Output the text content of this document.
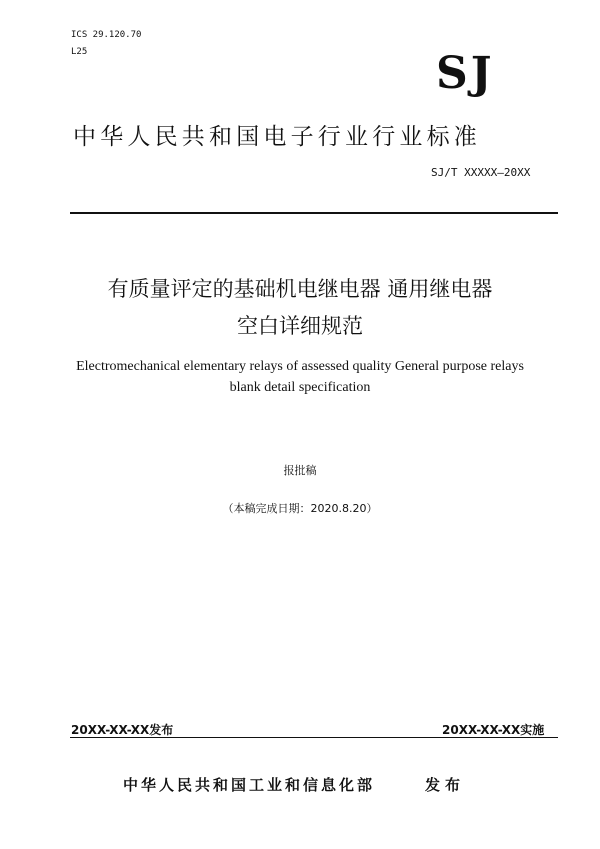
ICS 29.120.70
L25	SJ
中华人民共和国电子行业行业标准
SJ/T XXXXX—20XX
有质量评定的基础机电继电器 通用继电器
空白详细规范
Electromechanical elementary relays of assessed quality General purpose relays
blank detail specification
报批稿
（本稿完成日期：2020.8.20）
20XX-XX-XX发布	20XX-XX-XX实施
中华人民共和国工业和信息化部	发布
